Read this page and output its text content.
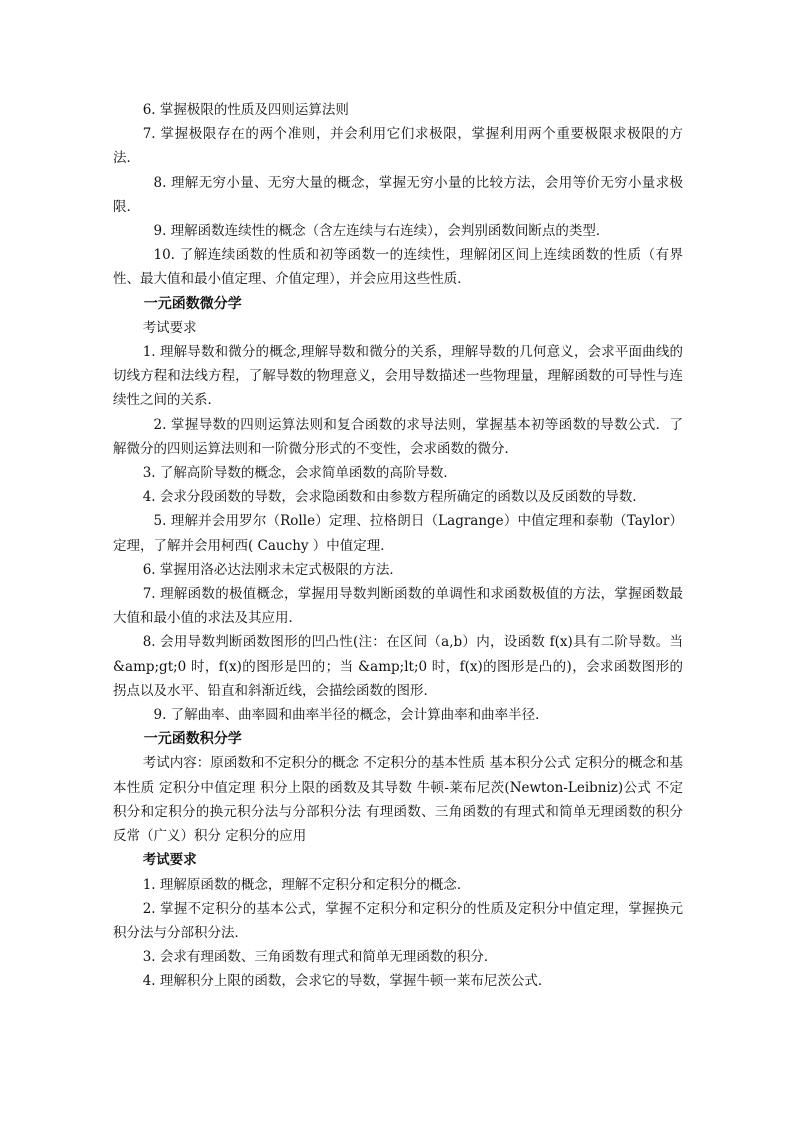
6. 掌握极限的性质及四则运算法则

7. 掌握极限存在的两个准则，并会利用它们求极限，掌握利用两个重要极限求极限的方法．

8. 理解无穷小量、无穷大量的概念，掌握无穷小量的比较方法，会用等价无穷小量求极限．

9. 理解函数连续性的概念（含左连续与右连续），会判别函数间断点的类型．

10. 了解连续函数的性质和初等函数一的连续性，理解闭区间上连续函数的性质（有界性、最大值和最小值定理、介值定理），并会应用这些性质．

一元函数微分学

考试要求

1. 理解导数和微分的概念,理解导数和微分的关系，理解导数的几何意义，会求平面曲线的切线方程和法线方程，了解导数的物理意义，会用导数描述一些物理量，理解函数的可导性与连续性之间的关系．

2. 掌握导数的四则运算法则和复合函数的求导法则，掌握基本初等函数的导数公式．了解微分的四则运算法则和一阶微分形式的不变性，会求函数的微分．

3. 了解高阶导数的概念，会求简单函数的高阶导数．

4. 会求分段函数的导数，会求隐函数和由参数方程所确定的函数以及反函数的导数．

5. 理解并会用罗尔（Rolle）定理、拉格朗日（Lagrange）中值定理和泰勒（Taylor）定理，了解并会用柯西( Cauchy ）中值定理．

6. 掌握用洛必达法刚求未定式极限的方法．

7. 理解函数的极值概念，掌握用导数判断函数的单调性和求函数极值的方法，掌握函数最大值和最小值的求法及其应用．

8. 会用导数判断函数图形的凹凸性(注：在区间（a,b）内，设函数 f(x)具有二阶导数。当 &amp;gt;0 时，f(x)的图形是凹的；当 &amp;lt;0 时，f(x)的图形是凸的)，会求函数图形的拐点以及水平、铅直和斜渐近线，会描绘函数的图形．

9. 了解曲率、曲率圆和曲率半径的概念，会计算曲率和曲率半径．

一元函数积分学

考试内容：原函数和不定积分的概念 不定积分的基本性质 基本积分公式 定积分的概念和基本性质 定积分中值定理 积分上限的函数及其导数 牛顿-莱布尼茨(Newton-Leibniz)公式 不定积分和定积分的换元积分法与分部积分法 有理函数、三角函数的有理式和简单无理函数的积分反常（广义）积分 定积分的应用

考试要求

1. 理解原函数的概念，理解不定积分和定积分的概念．

2. 掌握不定积分的基本公式，掌握不定积分和定积分的性质及定积分中值定理，掌握换元积分法与分部积分法．

3. 会求有理函数、三角函数有理式和简单无理函数的积分．

4. 理解积分上限的函数，会求它的导数，掌握牛顿一莱布尼茨公式．
